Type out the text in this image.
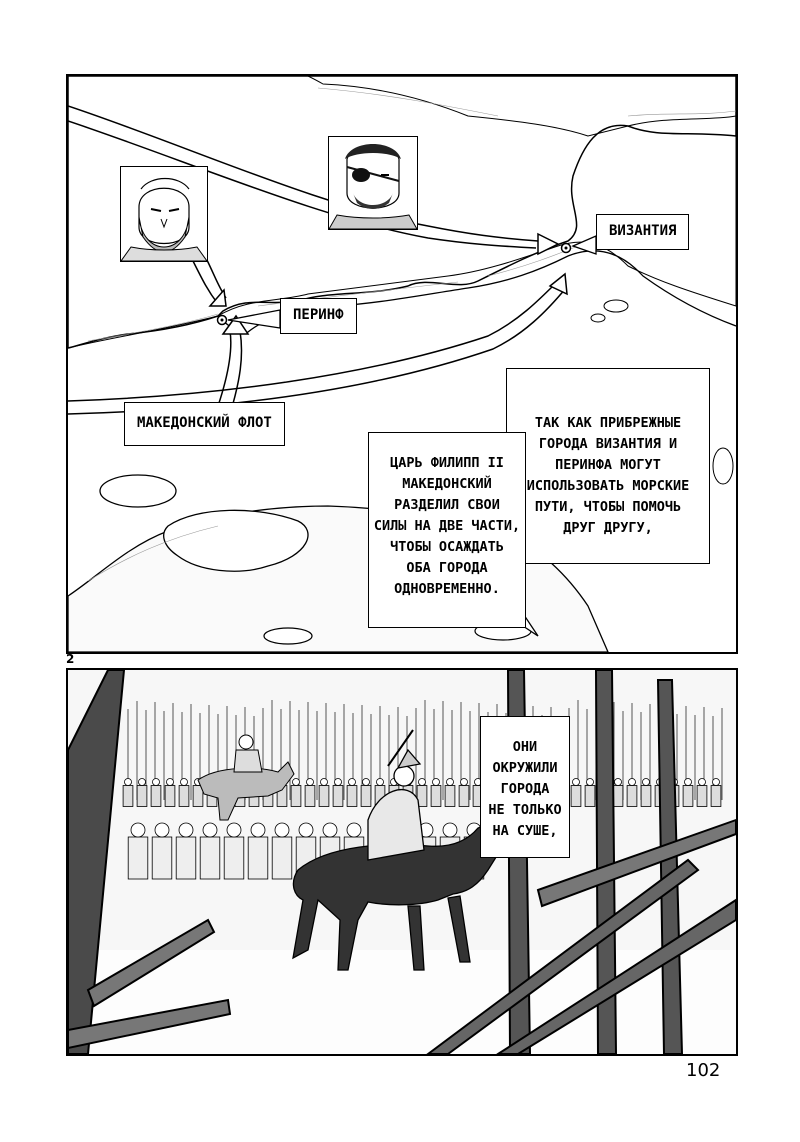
ВИЗАНТИЯ
ПЕРИНФ
МАКЕДОНСКИЙ ФЛОТ	ТАК КАК ПРИБРЕЖНЫЕ
ГОРОДА ВИЗАНТИЯ И
ПЕРИНФА МОГУТ
ИСПОЛЬЗОВАТЬ МОРСКИЕ
ПУТИ, ЧТОБЫ ПОМОЧЬ
ДРУГ ДРУГУ,
ЦАРЬ ФИЛИПП II
МАКЕДОНСКИЙ
РАЗДЕЛИЛ СВОИ
СИЛЫ НА ДВЕ ЧАСТИ,
ЧТОБЫ ОСАЖДАТЬ
ОБА ГОРОДА
ОДНОВРЕМЕННО.
2
ОНИ
ОКРУЖИЛИ
ГОРОДА
НЕ ТОЛЬКО
НА СУШЕ,
102
